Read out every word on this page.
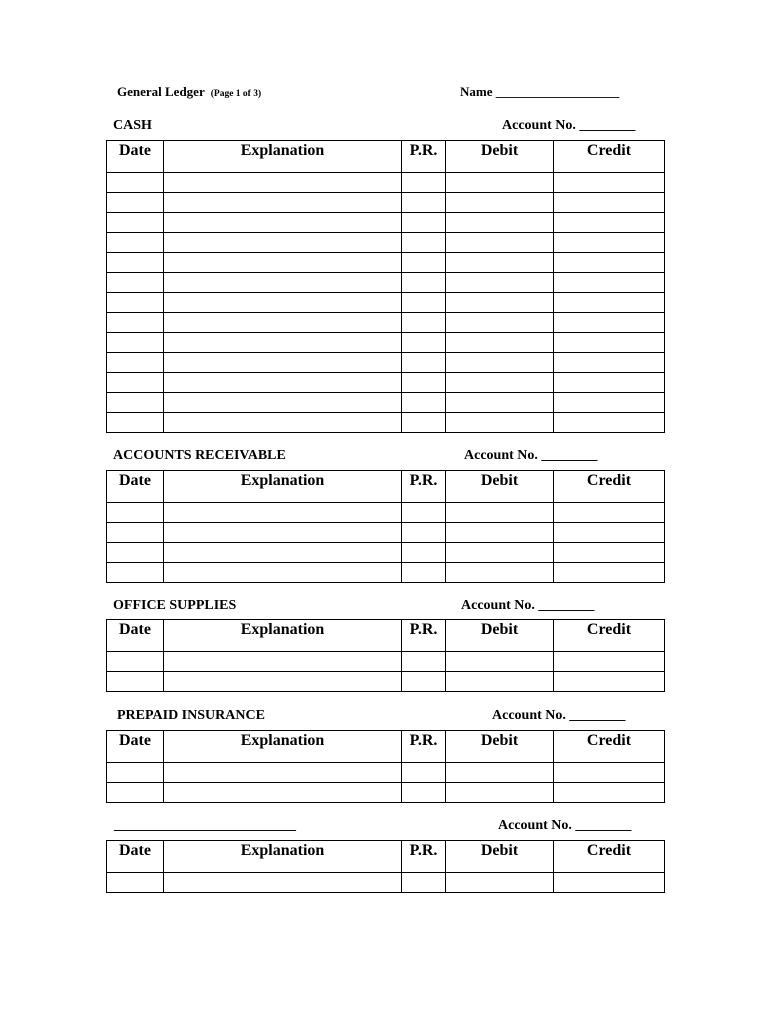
General Ledger (Page 1 of 3)	Name ___________________
CASH	Account No. ________
Date	Explanation	P.R.	Debit	Credit

ACCOUNTS RECEIVABLE	Account No. ________
Date	Explanation	P.R.	Debit	Credit

OFFICE SUPPLIES	Account No. ________
Date	Explanation	P.R.	Debit	Credit

PREPAID INSURANCE	Account No. ________
Date	Explanation	P.R.	Debit	Credit

__________________________	Account No. ________
Date	Explanation	P.R.	Debit	Credit
